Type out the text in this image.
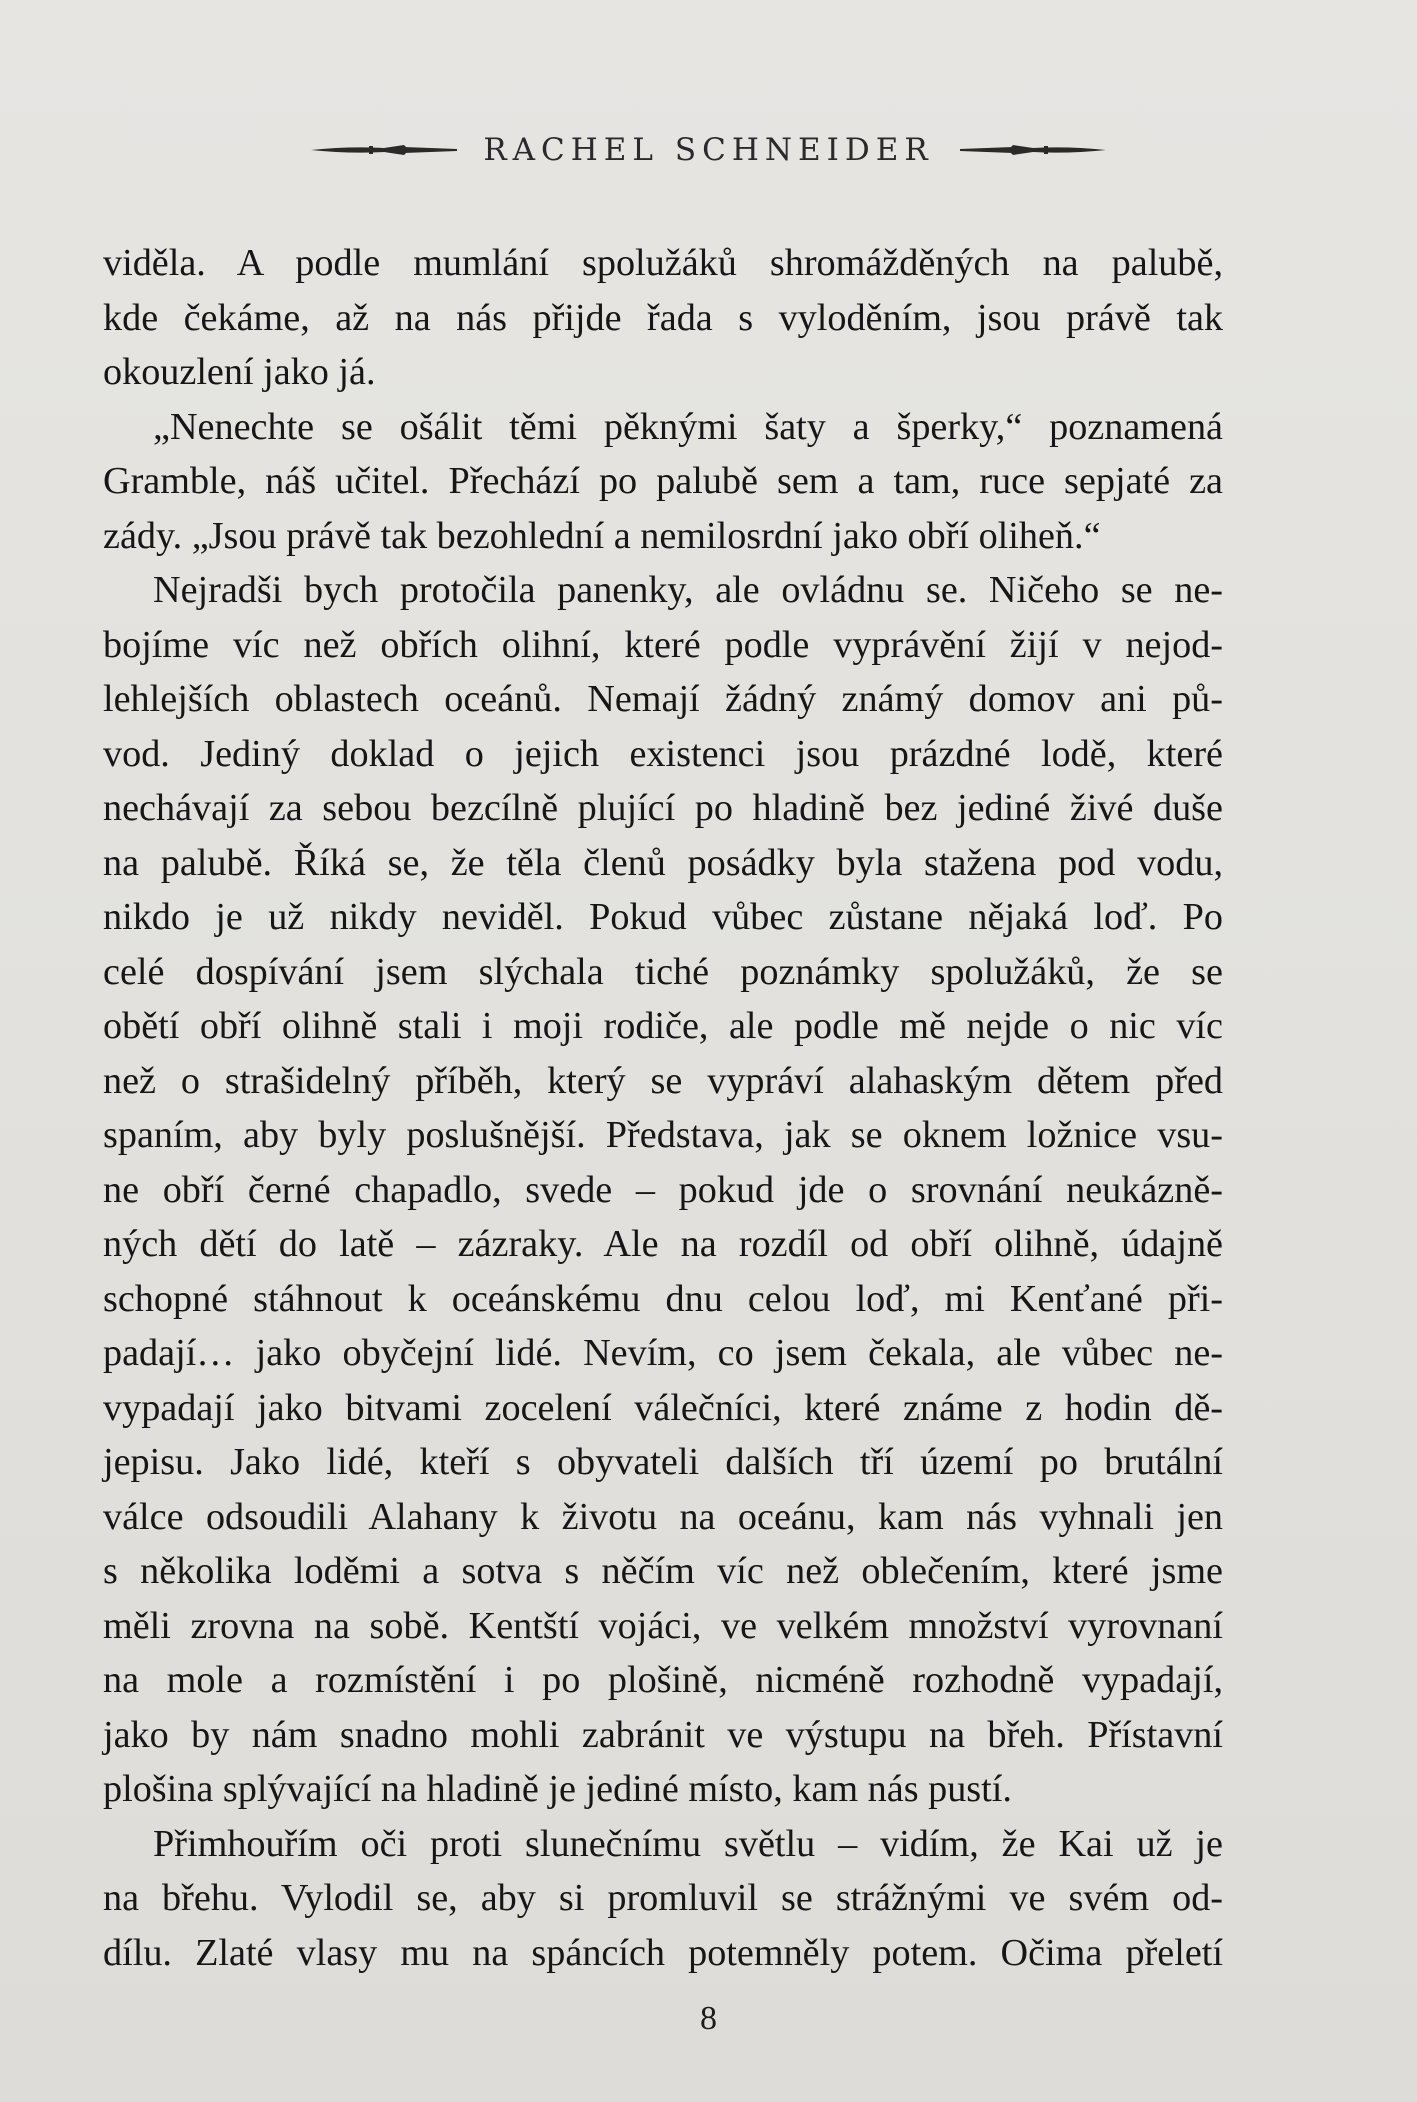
RACHEL SCHNEIDER
viděla. A podle mumlání spolužáků shromážděných na palubě,
kde čekáme, až na nás přijde řada s vyloděním, jsou právě tak
okouzlení jako já.
„Nenechte se ošálit těmi pěknými šaty a šperky,“ poznamená
Gramble, náš učitel. Přechází po palubě sem a tam, ruce sepjaté za
zády. „Jsou právě tak bezohlední a nemilosrdní jako obří oliheň.“
Nejradši bych protočila panenky, ale ovládnu se. Ničeho se ne-
bojíme víc než obřích olihní, které podle vyprávění žijí v nejod-
lehlejších oblastech oceánů. Nemají žádný známý domov ani pů-
vod. Jediný doklad o jejich existenci jsou prázdné lodě, které
nechávají za sebou bezcílně plující po hladině bez jediné živé duše
na palubě. Říká se, že těla členů posádky byla stažena pod vodu,
nikdo je už nikdy neviděl. Pokud vůbec zůstane nějaká loď. Po
celé dospívání jsem slýchala tiché poznámky spolužáků, že se
obětí obří olihně stali i moji rodiče, ale podle mě nejde o nic víc
než o strašidelný příběh, který se vypráví alahaským dětem před
spaním, aby byly poslušnější. Představa, jak se oknem ložnice vsu-
ne obří černé chapadlo, svede – pokud jde o srovnání neukázně-
ných dětí do latě – zázraky. Ale na rozdíl od obří olihně, údajně
schopné stáhnout k oceánskému dnu celou loď, mi Kenťané při-
padají… jako obyčejní lidé. Nevím, co jsem čekala, ale vůbec ne-
vypadají jako bitvami zocelení válečníci, které známe z hodin dě-
jepisu. Jako lidé, kteří s obyvateli dalších tří území po brutální
válce odsoudili Alahany k životu na oceánu, kam nás vyhnali jen
s několika loděmi a sotva s něčím víc než oblečením, které jsme
měli zrovna na sobě. Kentští vojáci, ve velkém množství vyrovnaní
na mole a rozmístění i po plošině, nicméně rozhodně vypadají,
jako by nám snadno mohli zabránit ve výstupu na břeh. Přístavní
plošina splývající na hladině je jediné místo, kam nás pustí.
Přimhouřím oči proti slunečnímu světlu – vidím, že Kai už je
na břehu. Vylodil se, aby si promluvil se strážnými ve svém od-
dílu. Zlaté vlasy mu na spáncích potemněly potem. Očima přeletí
8
